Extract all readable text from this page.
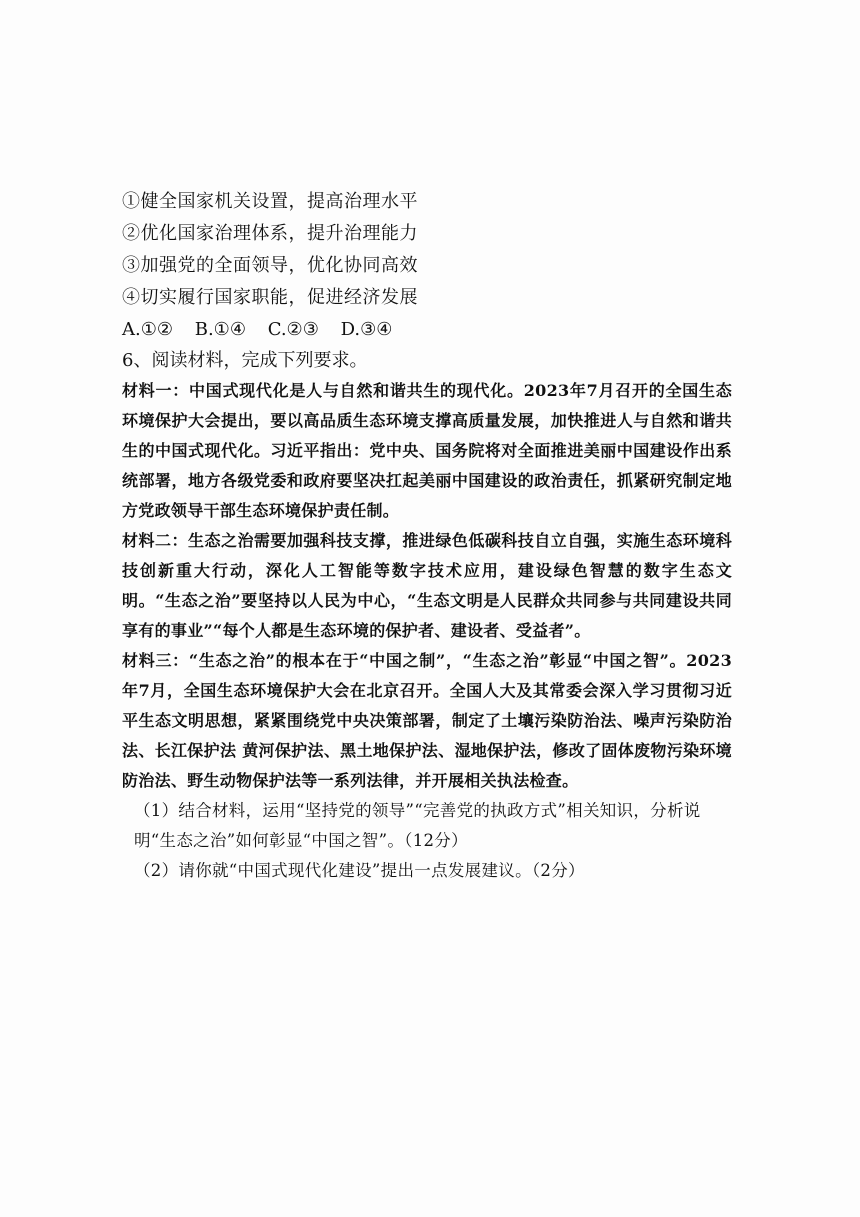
①健全国家机关设置，提高治理水平
②优化国家治理体系，提升治理能力
③加强党的全面领导，优化协同高效
④切实履行国家职能，促进经济发展
A.①② B.①④ C.②③ D.③④
6、阅读材料，完成下列要求。

材料一：中国式现代化是人与自然和谐共生的现代化。2023年7月召开的全国生态环境保护大会提出，要以高品质生态环境支撑高质量发展，加快推进人与自然和谐共生的中国式现代化。习近平指出：党中央、国务院将对全面推进美丽中国建设作出系统部署，地方各级党委和政府要坚决扛起美丽中国建设的政治责任，抓紧研究制定地方党政领导干部生态环境保护责任制。

材料二：生态之治需要加强科技支撑，推进绿色低碳科技自立自强，实施生态环境科技创新重大行动，深化人工智能等数字技术应用，建设绿色智慧的数字生态文明。“生态之治”要坚持以人民为中心，“生态文明是人民群众共同参与共同建设共同享有的事业”“每个人都是生态环境的保护者、建设者、受益者”。

材料三：“生态之治”的根本在于“中国之制”，“生态之治”彰显“中国之智”。2023年7月，全国生态环境保护大会在北京召开。全国人大及其常委会深入学习贯彻习近平生态文明思想，紧紧围绕党中央决策部署，制定了土壤污染防治法、噪声污染防治法、长江保护法 黄河保护法、黑土地保护法、湿地保护法，修改了固体废物污染环境防治法、野生动物保护法等一系列法律，并开展相关执法检查。

（1）结合材料，运用“坚持党的领导”“完善党的执政方式”相关知识，分析说明“生态之治”如何彰显“中国之智”。（12分）

（2）请你就“中国式现代化建设”提出一点发展建议。（2分）
